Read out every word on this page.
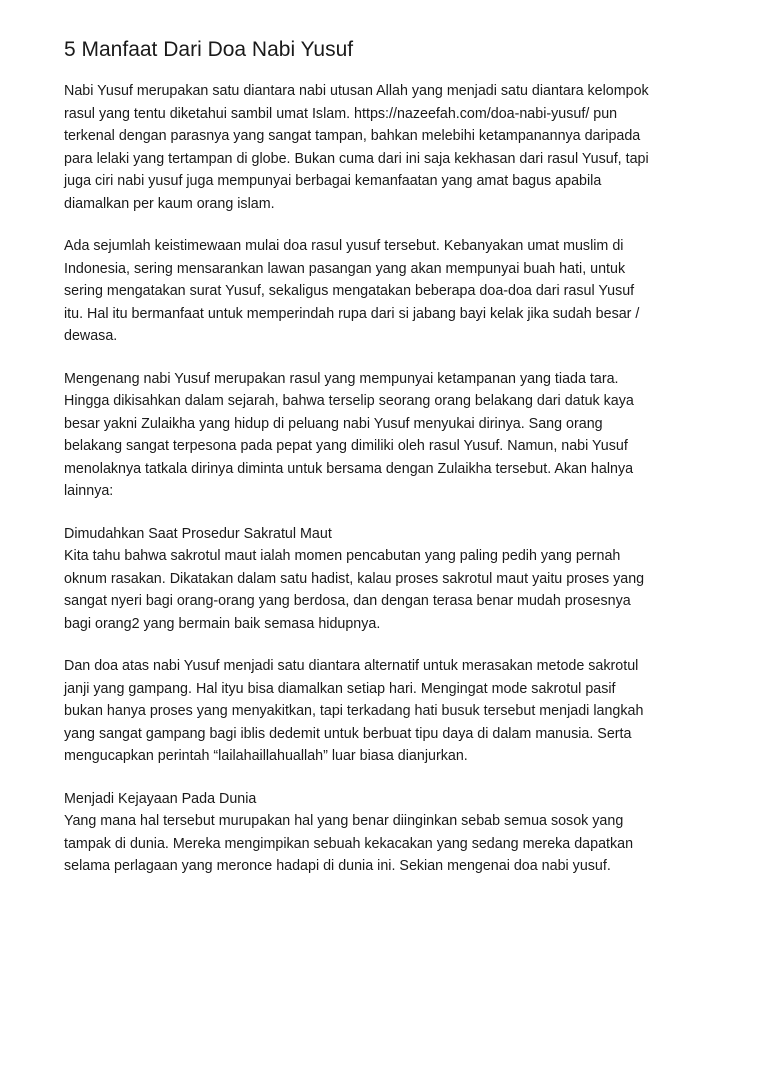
5 Manfaat Dari Doa Nabi Yusuf
Nabi Yusuf merupakan satu diantara nabi utusan Allah yang menjadi satu diantara kelompok
rasul yang tentu diketahui sambil umat Islam. https://nazeefah.com/doa-nabi-yusuf/ pun
terkenal dengan parasnya yang sangat tampan, bahkan melebihi ketampanannya daripada
para lelaki yang tertampan di globe. Bukan cuma dari ini saja kekhasan dari rasul Yusuf, tapi
juga ciri nabi yusuf juga mempunyai berbagai kemanfaatan yang amat bagus apabila
diamalkan per kaum orang islam.
Ada sejumlah keistimewaan mulai doa rasul yusuf tersebut. Kebanyakan umat muslim di
Indonesia, sering mensarankan lawan pasangan yang akan mempunyai buah hati, untuk
sering mengatakan surat Yusuf, sekaligus mengatakan beberapa doa-doa dari rasul Yusuf
itu. Hal itu bermanfaat untuk memperindah rupa dari si jabang bayi kelak jika sudah besar /
dewasa.
Mengenang nabi Yusuf merupakan rasul yang mempunyai ketampanan yang tiada tara.
Hingga dikisahkan dalam sejarah, bahwa terselip seorang orang belakang dari datuk kaya
besar yakni Zulaikha yang hidup di peluang nabi Yusuf menyukai dirinya. Sang orang
belakang sangat terpesona pada pepat yang dimiliki oleh rasul Yusuf. Namun, nabi Yusuf
menolaknya tatkala dirinya diminta untuk bersama dengan Zulaikha tersebut. Akan halnya
lainnya:
Dimudahkan Saat Prosedur Sakratul Maut
Kita tahu bahwa sakrotul maut ialah momen pencabutan yang paling pedih yang pernah
oknum rasakan. Dikatakan dalam satu hadist, kalau proses sakrotul maut yaitu proses yang
sangat nyeri bagi orang-orang yang berdosa, dan dengan terasa benar mudah prosesnya
bagi orang2 yang bermain baik semasa hidupnya.
Dan doa atas nabi Yusuf menjadi satu diantara alternatif untuk merasakan metode sakrotul
janji yang gampang. Hal ityu bisa diamalkan setiap hari. Mengingat mode sakrotul pasif
bukan hanya proses yang menyakitkan, tapi terkadang hati busuk tersebut menjadi langkah
yang sangat gampang bagi iblis dedemit untuk berbuat tipu daya di dalam manusia. Serta
mengucapkan perintah “lailahaillahuallah” luar biasa dianjurkan.
Menjadi Kejayaan Pada Dunia
Yang mana hal tersebut murupakan hal yang benar diinginkan sebab semua sosok yang
tampak di dunia. Mereka mengimpikan sebuah kekacakan yang sedang mereka dapatkan
selama perlagaan yang meronce hadapi di dunia ini. Sekian mengenai doa nabi yusuf.
